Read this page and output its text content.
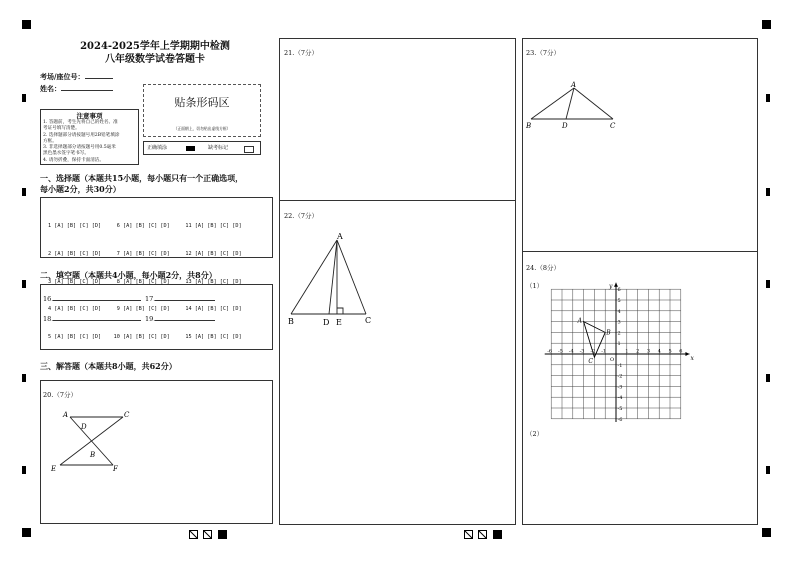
2024-2025学年上学期期中检测
八年级数学试卷答题卡
考场/座位号：
姓名：
贴条形码区
（正面朝上，切勿贴出虚线方框）
正确填涂	缺考标记
注意事项
1. 答题前，考生先将自己的姓名、准
考证号填写清楚。
2. 选择题部分请按题号用2B铅笔填涂
方框。
3. 非选择题部分请按题号用0.5毫米
黑色墨水签字笔书写。
4. 请勿折叠，保持卡面清洁。
一、选择题（本题共15小题，每小题只有一个正确选项，
每小题2分，共30分）

1 [A] [B] [C] [D]     6 [A] [B] [C] [D]     11 [A] [B] [C] [D]

2 [A] [B] [C] [D]     7 [A] [B] [C] [D]     12 [A] [B] [C] [D]

3 [A] [B] [C] [D]     8 [A] [B] [C] [D]     13 [A] [B] [C] [D]

4 [A] [B] [C] [D]     9 [A] [B] [C] [D]     14 [A] [B] [C] [D]

5 [A] [B] [C] [D]    10 [A] [B] [C] [D]     15 [A] [B] [C] [D]

二、填空题（本题共4小题，每小题2分，共8分）
16.	17.
18.	19.
三、解答题（本题共8小题，共62分）
20.（7分）
A	C
D
B
E	F
21.（7分）
22.（7分）
A
B	D E	C
23.（7分）
A
B	D	C
24.（8分）
（1）
（2）
x
y
O
-6 -5 -4 -3 -2 -1	1 2 3 4 5 6
6
5
4
3
2
1
-1
-2
-3
-4
-5
-6
A
B
C
